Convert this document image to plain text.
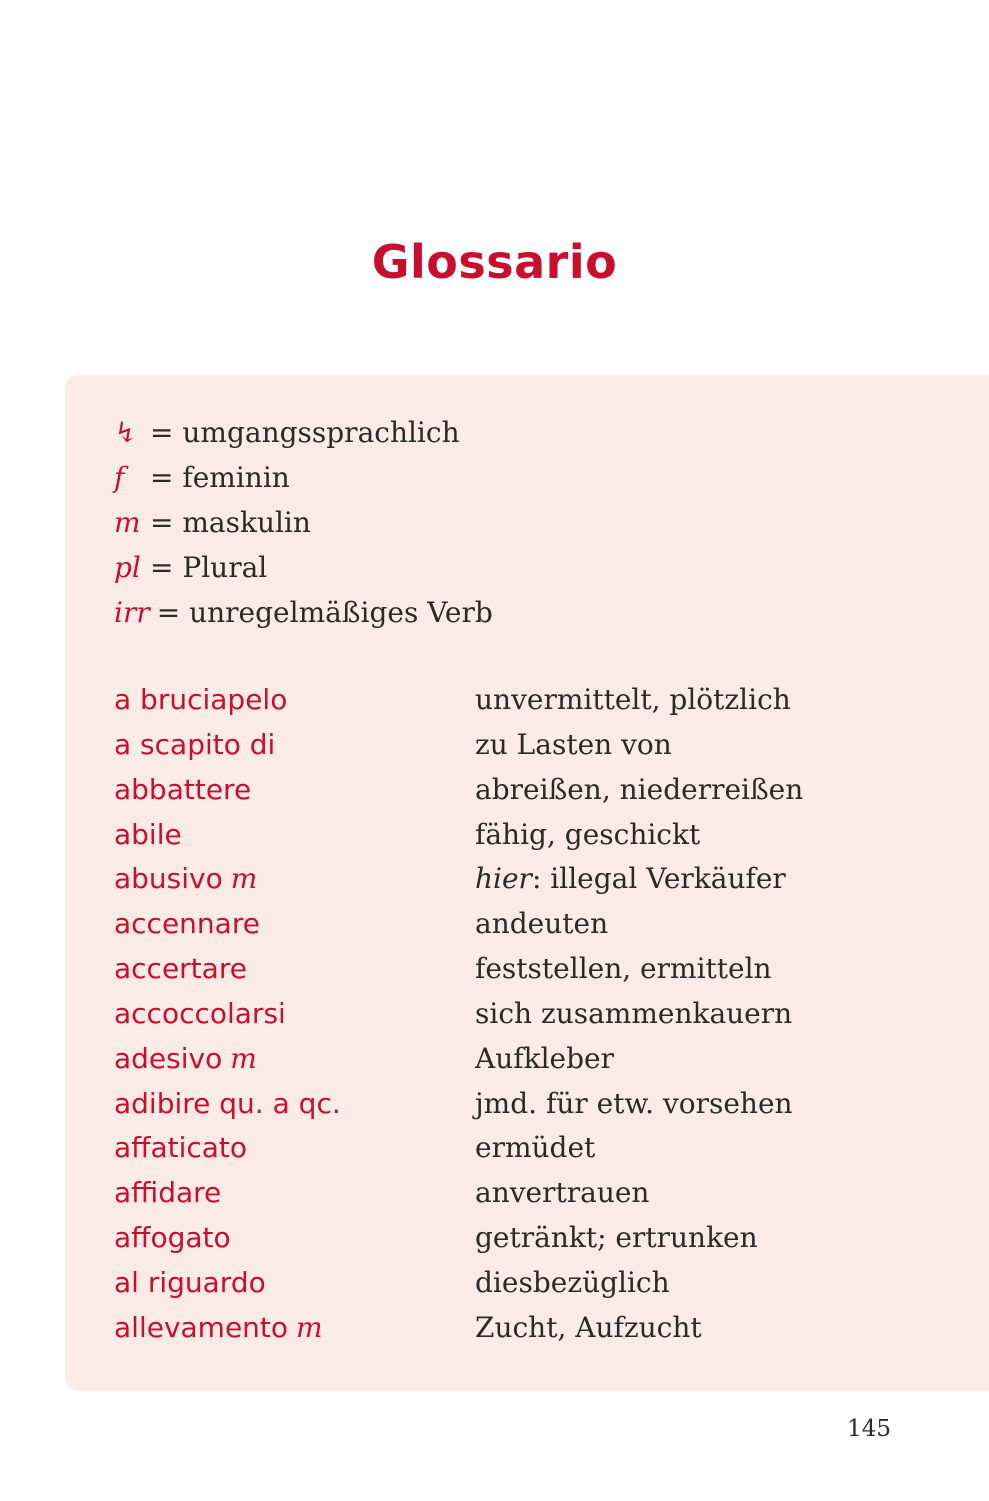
Glossario
↯ = umgangssprachlich
f = feminin
m = maskulin
pl = Plural
irr = unregelmäßiges Verb
a bruciapelo	unvermittelt, plötzlich
a scapito di	zu Lasten von
abbattere	abreißen, niederreißen
abile	fähig, geschickt
abusivo m	hier: illegal Verkäufer
accennare	andeuten
accertare	feststellen, ermitteln
accoccolarsi	sich zusammenkauern
adesivo m	Aufkleber
adibire qu. a qc.	jmd. für etw. vorsehen
affaticato	ermüdet
affidare	anvertrauen
affogato	getränkt; ertrunken
al riguardo	diesbezüglich
allevamento m	Zucht, Aufzucht
145
